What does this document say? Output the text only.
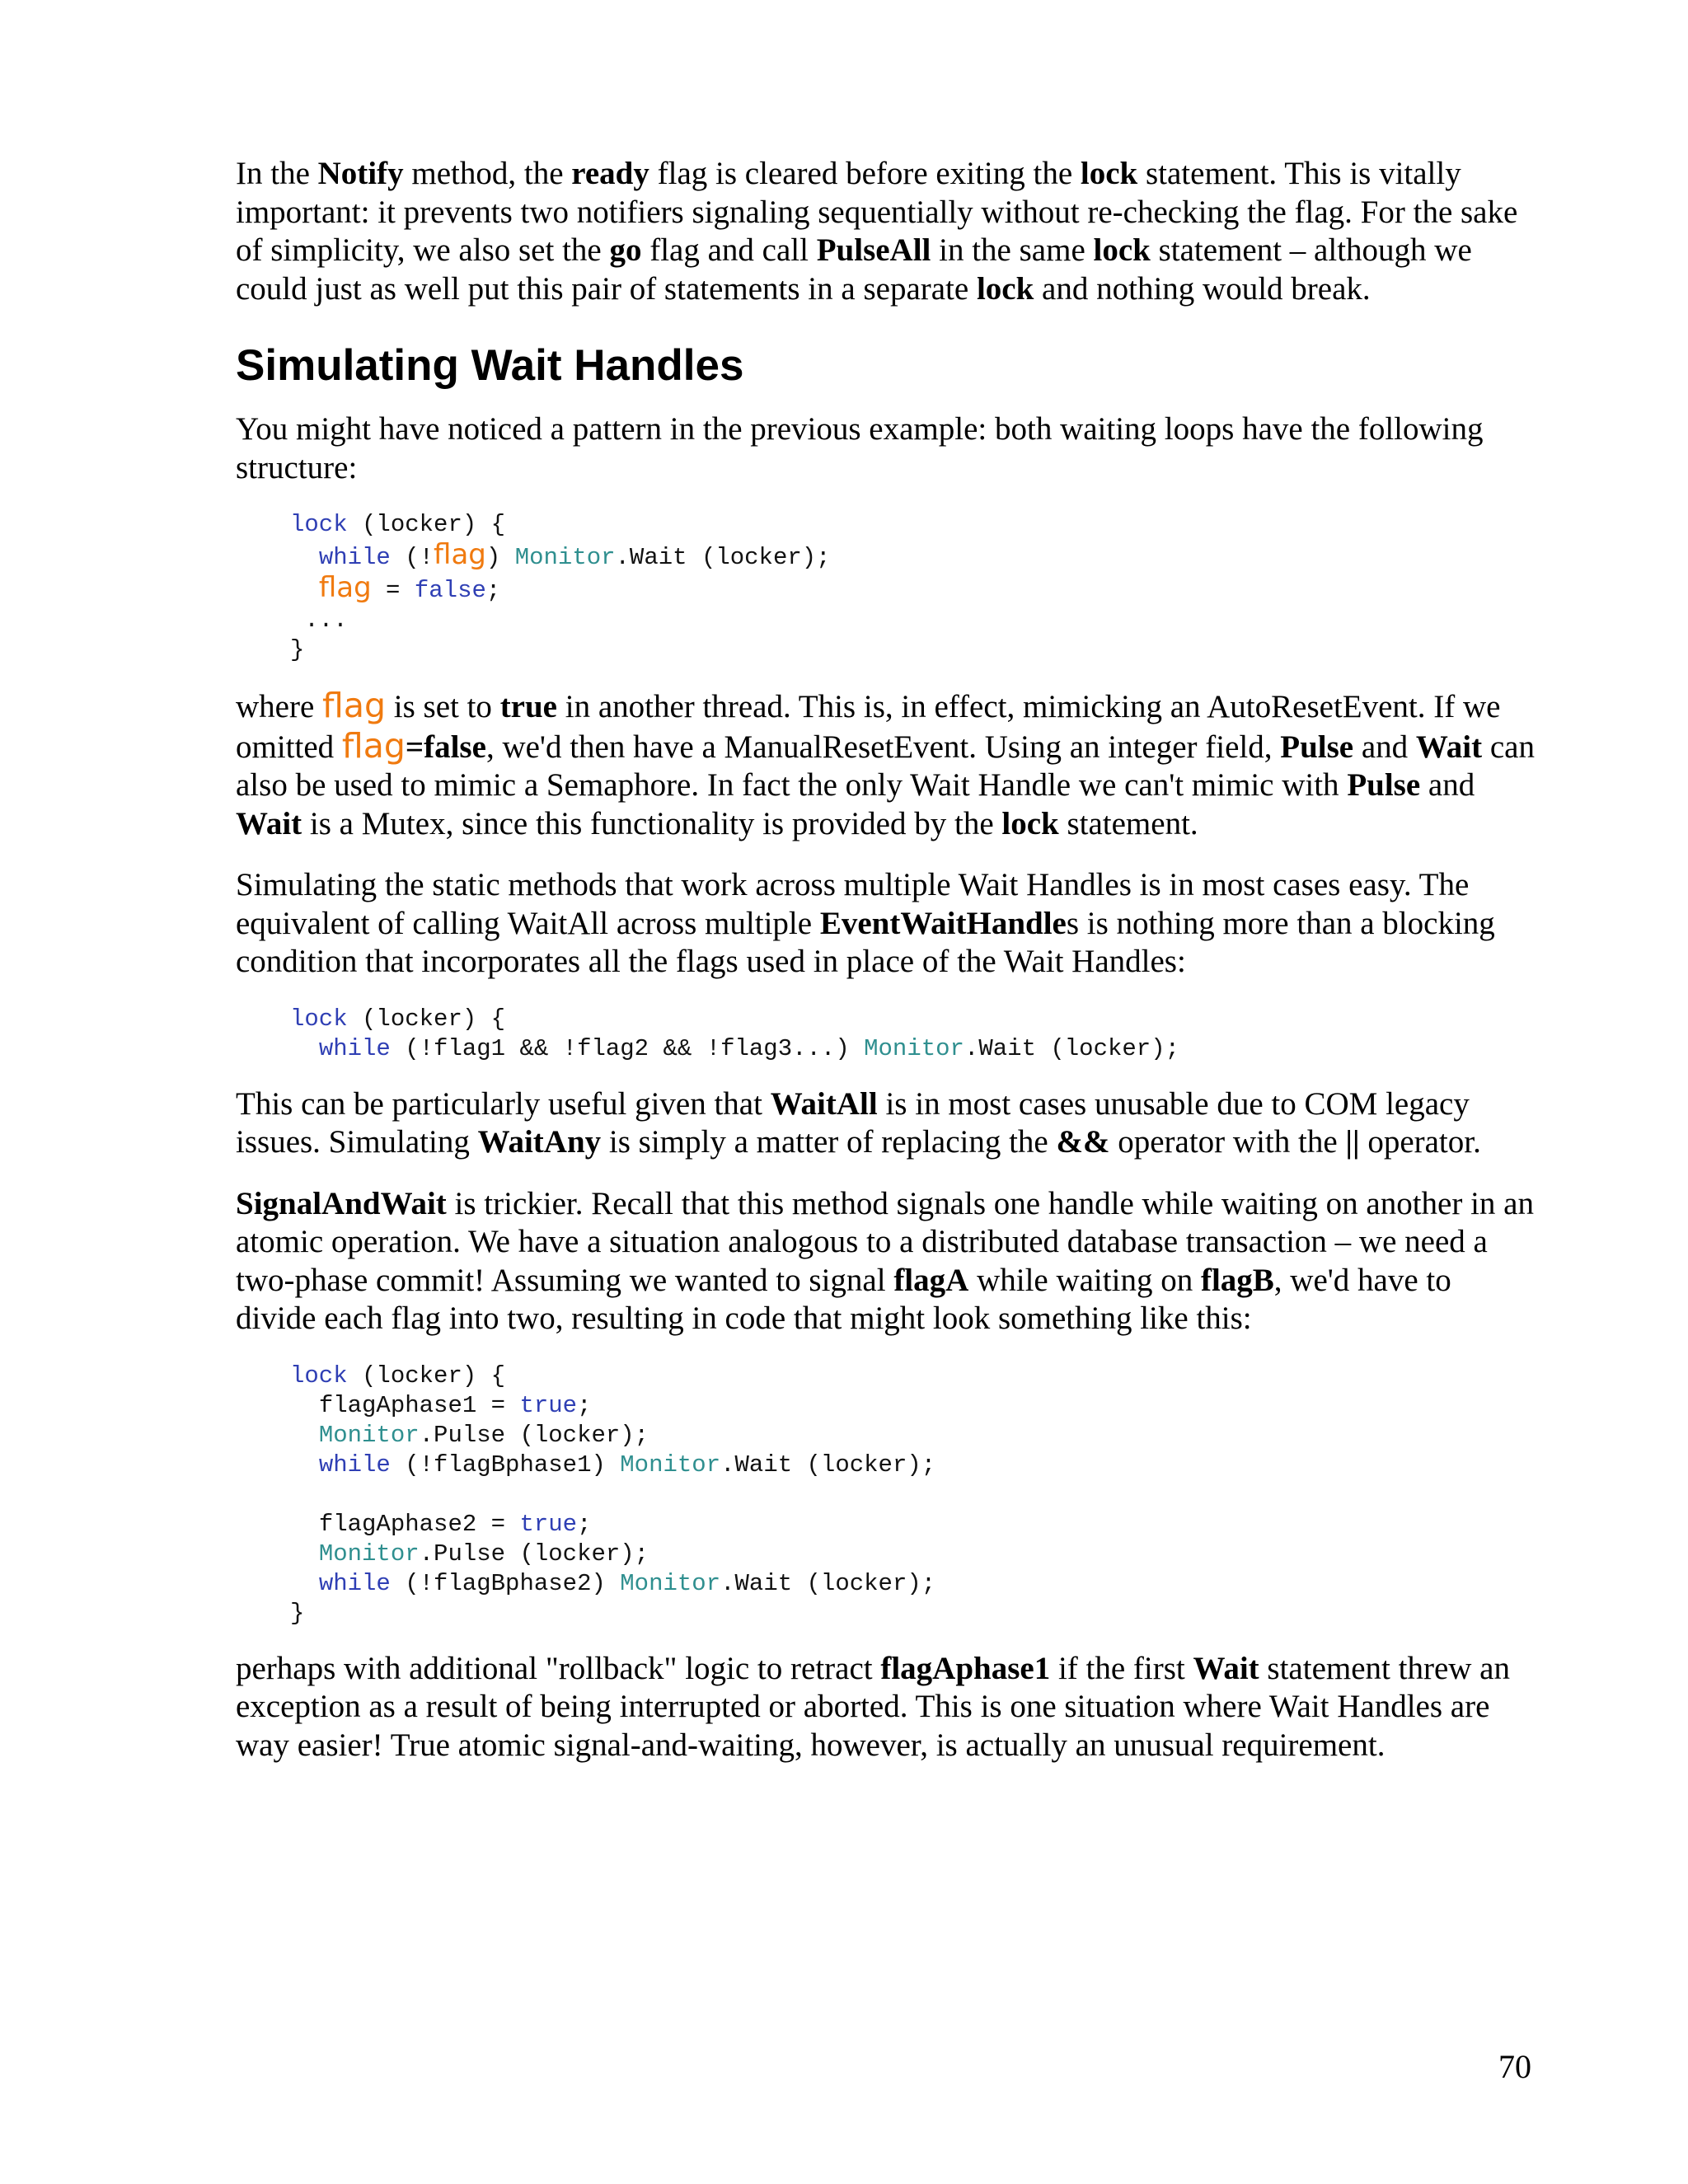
In the Notify method, the ready flag is cleared before exiting the lock statement. This is vitally important: it prevents two notifiers signaling sequentially without re-checking the flag. For the sake of simplicity, we also set the go flag and call PulseAll in the same lock statement – although we could just as well put this pair of statements in a separate lock and nothing would break.

Simulating Wait Handles

You might have noticed a pattern in the previous example: both waiting loops have the following structure:

lock (locker) {
while (!flag) Monitor.Wait (locker);
flag = false;
...
}

where flag is set to true in another thread. This is, in effect, mimicking an AutoResetEvent. If we omitted flag=false, we'd then have a ManualResetEvent. Using an integer field, Pulse and Wait can also be used to mimic a Semaphore. In fact the only Wait Handle we can't mimic with Pulse and Wait is a Mutex, since this functionality is provided by the lock statement.

Simulating the static methods that work across multiple Wait Handles is in most cases easy. The equivalent of calling WaitAll across multiple EventWaitHandles is nothing more than a blocking condition that incorporates all the flags used in place of the Wait Handles:

lock (locker) {
while (!flag1 && !flag2 && !flag3...) Monitor.Wait (locker);

This can be particularly useful given that WaitAll is in most cases unusable due to COM legacy issues. Simulating WaitAny is simply a matter of replacing the && operator with the || operator.

SignalAndWait is trickier. Recall that this method signals one handle while waiting on another in an atomic operation. We have a situation analogous to a distributed database transaction – we need a two-phase commit! Assuming we wanted to signal flagA while waiting on flagB, we'd have to divide each flag into two, resulting in code that might look something like this:

lock (locker) {
flagAphase1 = true;
Monitor.Pulse (locker);
while (!flagBphase1) Monitor.Wait (locker);

flagAphase2 = true;
Monitor.Pulse (locker);
while (!flagBphase2) Monitor.Wait (locker);
}

perhaps with additional "rollback" logic to retract flagAphase1 if the first Wait statement threw an exception as a result of being interrupted or aborted. This is one situation where Wait Handles are way easier! True atomic signal-and-waiting, however, is actually an unusual requirement.

70
